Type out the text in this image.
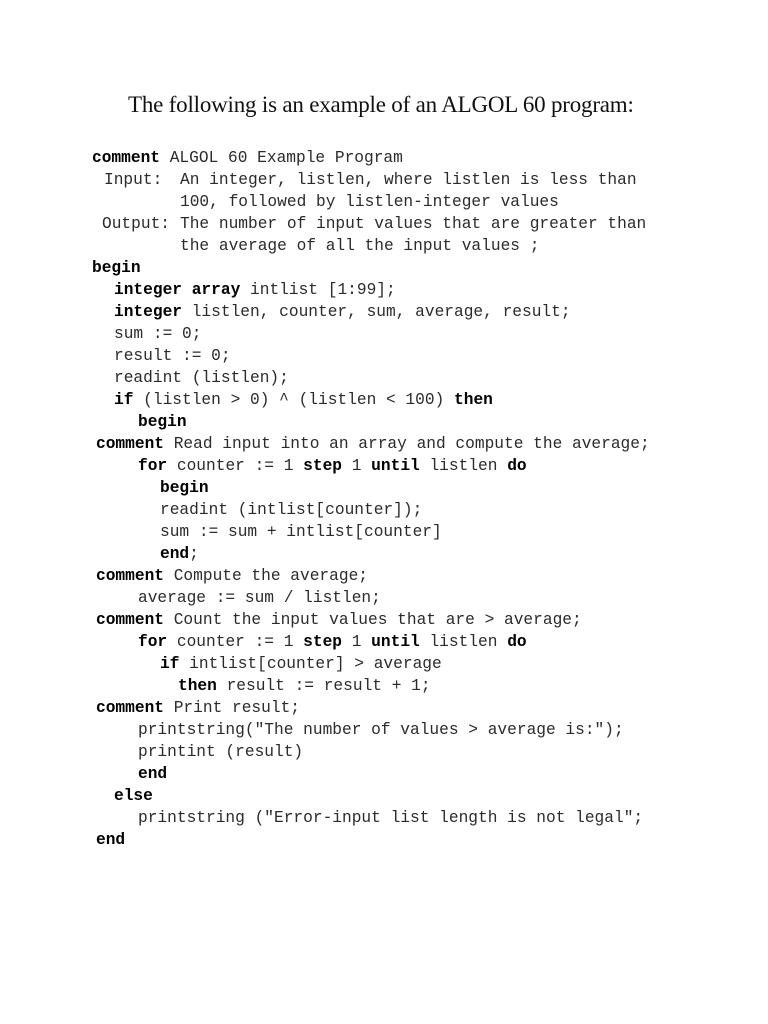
The following is an example of an ALGOL 60 program:
comment ALGOL 60 Example Program
Input: An integer, listlen, where listlen is less than
100, followed by listlen-integer values
Output: The number of input values that are greater than
the average of all the input values ;
begin
integer array intlist [1:99];
integer listlen, counter, sum, average, result;
sum := 0;
result := 0;
readint (listlen);
if (listlen > 0) ^ (listlen < 100) then
begin
comment Read input into an array and compute the average;
for counter := 1 step 1 until listlen do
begin
readint (intlist[counter]);
sum := sum + intlist[counter]
end;
comment Compute the average;
average := sum / listlen;
comment Count the input values that are > average;
for counter := 1 step 1 until listlen do
if intlist[counter] > average
then result := result + 1;
comment Print result;
printstring("The number of values > average is:");
printint (result)
end
else
printstring ("Error-input list length is not legal";
end
